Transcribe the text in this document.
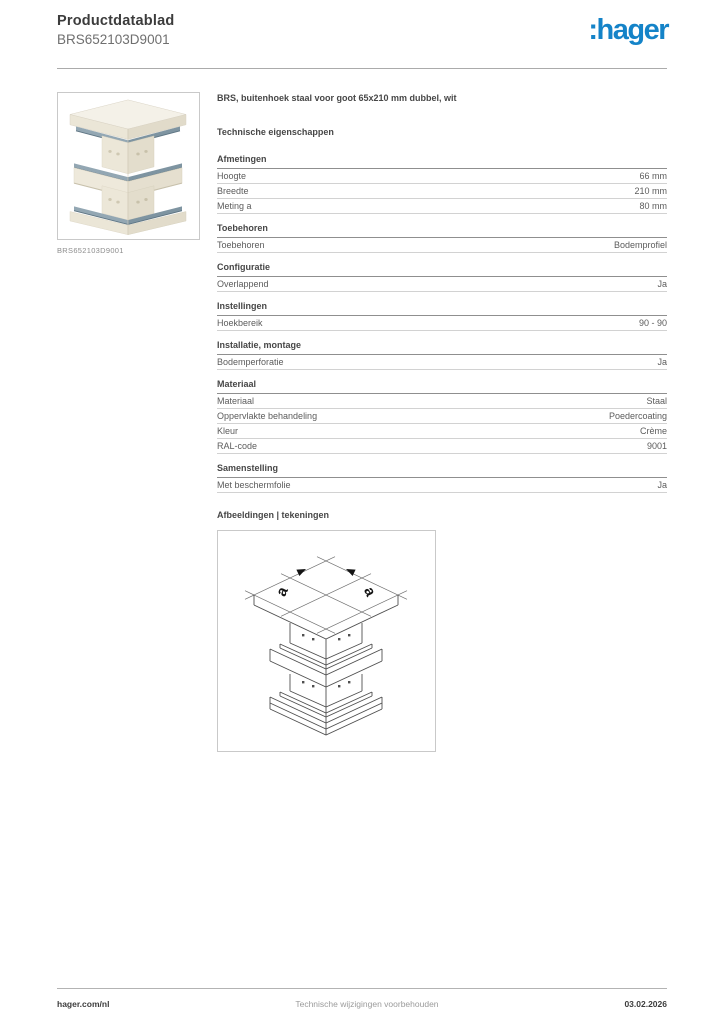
Productdatablad
BRS652103D9001	:hager
BRS652103D9001
BRS, buitenhoek staal voor goot 65x210 mm dubbel, wit
Technische eigenschappen
Afmetingen
Hoogte	66 mm
Breedte	210 mm
Meting a	80 mm
Toebehoren
Toebehoren	Bodemprofiel
Configuratie
Overlappend	Ja
Instellingen
Hoekbereik	90 - 90
Installatie, montage
Bodemperforatie	Ja
Materiaal
Materiaal	Staal
Oppervlakte behandeling	Poedercoating
Kleur	Crème
RAL-code	9001
Samenstelling
Met beschermfolie	Ja
Afbeeldingen | tekeningen
a	a
hager.com/nl	Technische wijzigingen voorbehouden	03.02.2026
